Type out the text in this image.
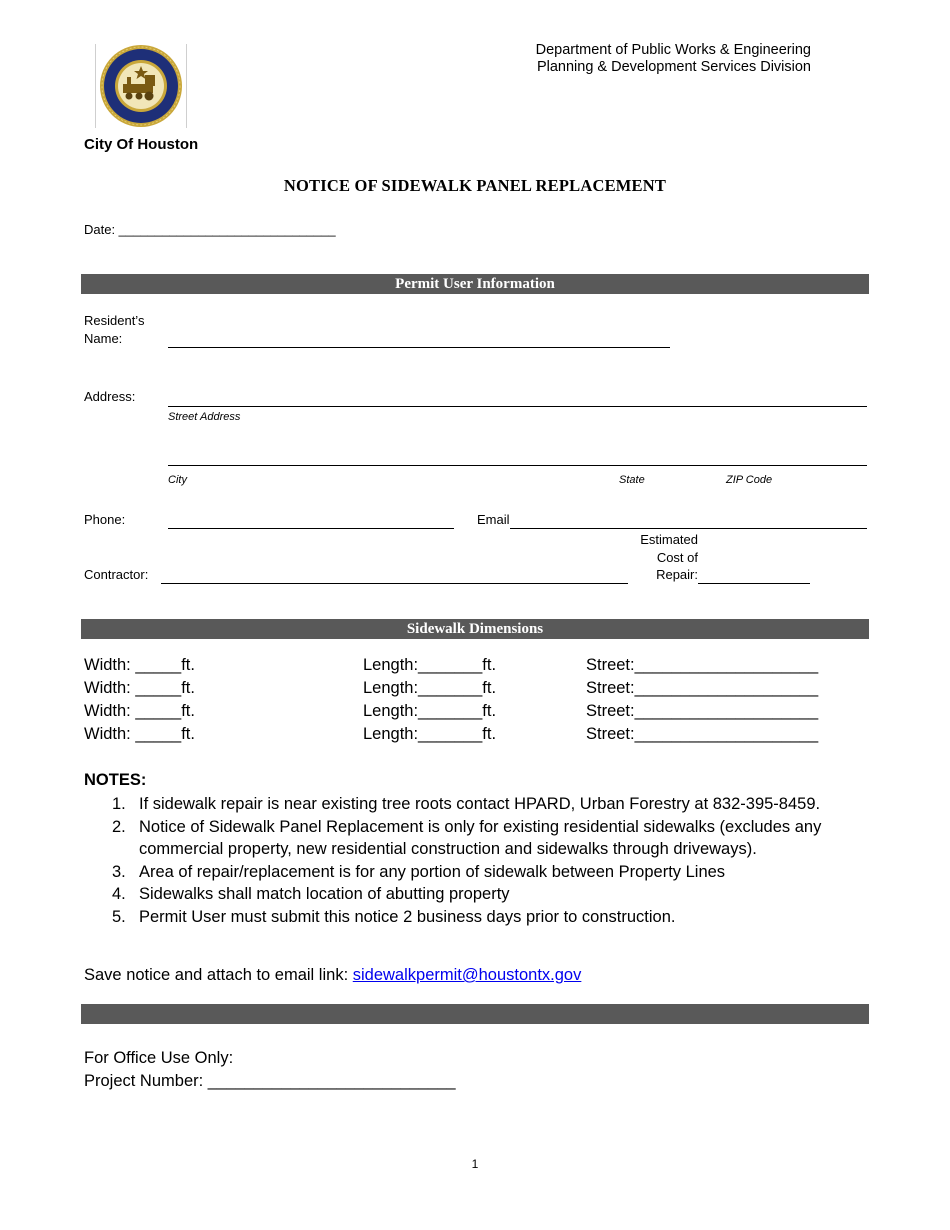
City Of Houston
Department of Public Works & Engineering
Planning & Development Services Division
NOTICE OF SIDEWALK PANEL REPLACEMENT
Date: ______________________________
Permit User Information
Resident’s
Name:
Address:
Street Address
City	State	ZIP Code
Phone:	Email
Estimated
Cost of
Repair:
Contractor:
Sidewalk Dimensions
Width: _____ft.	Length:_______ft.	Street:____________________
Width: _____ft.	Length:_______ft.	Street:____________________
Width: _____ft.	Length:_______ft.	Street:____________________
Width: _____ft.	Length:_______ft.	Street:____________________
NOTES:
1. If sidewalk repair is near existing tree roots contact HPARD, Urban Forestry at 832-395-8459.
2. Notice of Sidewalk Panel Replacement is only for existing residential sidewalks (excludes any commercial property, new residential construction and sidewalks through driveways).
3. Area of repair/replacement is for any portion of sidewalk between Property Lines
4. Sidewalks shall match location of abutting property
5. Permit User must submit this notice 2 business days prior to construction.
Save notice and attach to email link: sidewalkpermit@houstontx.gov
For Office Use Only:
Project Number: ___________________________
1
